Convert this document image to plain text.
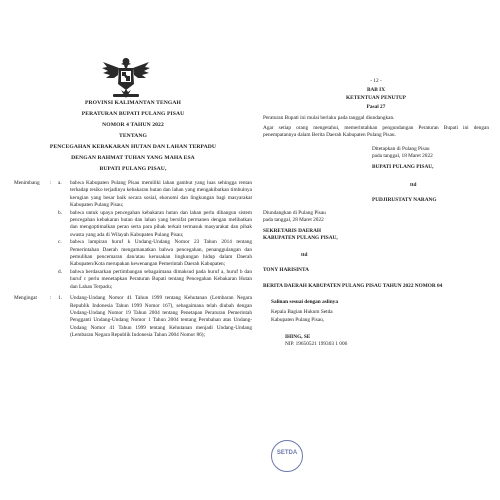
PROVINSI KALIMANTAN TENGAH
PERATURAN BUPATI PULANG PISAU
NOMOR 4 TAHUN 2022
TENTANG
PENCEGAHAN KEBAKARAN HUTAN DAN LAHAN TERPADU
DENGAN RAHMAT TUHAN YANG MAHA ESA
BUPATI PULANG PISAU,
Menimbang	:	a.	bahwa Kabupaten Pulang Pisau memiliki lahan gambut yang luas sehingga rentan terhadap resiko terjadinya kebakaran hutan dan lahan yang mengakibatkan timbulnya kerugian yang besar baik secara sosial, ekonomi dan lingkungan bagi masyarakat Kabupaten Pulang Pisau;
b.	bahwa untuk upaya pencegahan kebakaran hutan dan lahan perlu dibangun sistem pencegahan kebakaran hutan dan lahan yang bersifat permanen dengan melibatkan dan mengoptimalkan peran serta para pihak terkait termasuk masyarakat dan pihak swasta yang ada di Wilayah Kabupaten Pulang Pisau;
c.	bahwa lampiran huruf k Undang-Undang Nomor 23 Tahun 2014 tentang Pemerintahan Daerah mengamanatkan bahwa pencegahan, penanggulangan dan pemulihan pencemaran dan/atau kerusakan lingkungan hidup dalam Daerah Kabupaten/Kota merupakan kewenangan Pemerintah Daerah Kabupaten;
d.	bahwa berdasarkan pertimbangan sebagaimana dimaksud pada huruf a, huruf b dan huruf c perlu menetapkan Peraturan Bupati tentang Pencegahan Kebakaran Hutan dan Lahan Terpadu;
Mengingat	:	1.	Undang-Undang Nomor 41 Tahun 1999 tentang Kehutanan (Lembaran Negara Republik Indonesia Tahun 1999 Nomor 167), sebagaimana telah diubah dengan Undang-Undang Nomor 19 Tahun 2004 tentang Penetapan Peraturan Pemerintah Pengganti Undang-Undang Nomor 1 Tahun 2004 tentang Perubahan atas Undang-Undang Nomor 41 Tahun 1999 tentang Kehutanan menjadi Undang-Undang (Lembaran Negara Republik Indonesia Tahun 2004 Nomor 86);
- 12 -
BAB IX
KETENTUAN PENUTUP
Pasal 27
Peraturan Bupati ini mulai berlaku pada tanggal diundangkan.
Agar setiap orang mengetahui, memerintahkan pengundangan Peraturan Bupati ini dengan penempatannya dalam Berita Daerah Kabupaten Pulang Pisau.
Ditetapkan di Pulang Pisau
pada tanggal, 18 Maret 2022
BUPATI PULANG PISAU,
ttd
PUDJIRUSTATY NARANG
Diundangkan di Pulang Pisau
pada tanggal, 28 Maret 2022
SEKRETARIS DAERAH
KABUPATEN PULANG PISAU,
ttd
TONY HARISINTA
BERITA DAERAH KABUPATEN PULANG PISAU TAHUN 2022 NOMOR 04
Salinan sesuai dengan aslinya
Kepala Bagian Hukum Setda
Kabupaten Pulang Pisau,
IHING, SE
NIP. 19650521 199303 1 006
SETDA
